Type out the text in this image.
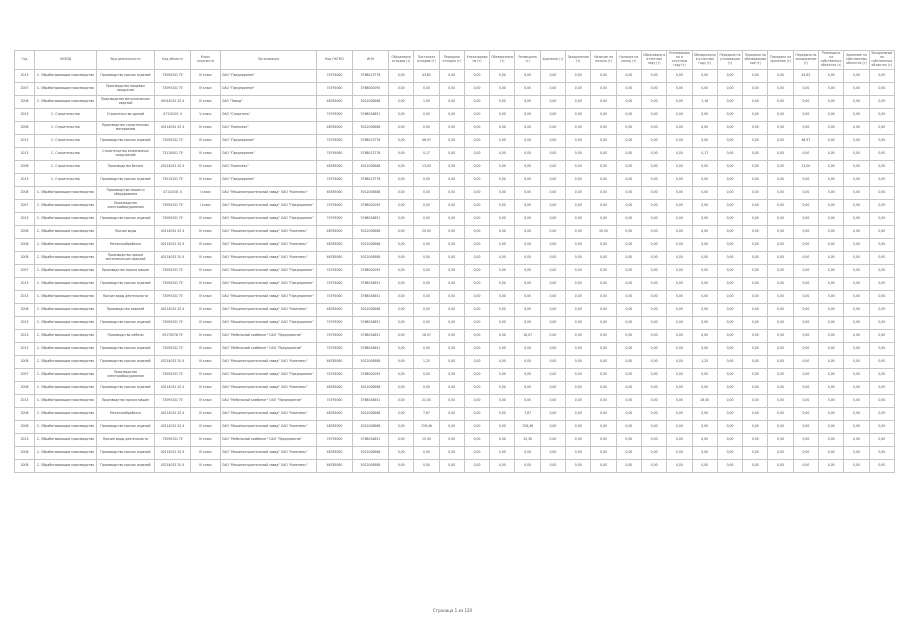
Год	ОКВЭД	Вид деятельности	Код объекта	Класс опасности	Организация	Код ОКТМО	ИНН	Образовано отходов (т)	Поступило отходов (т)	Передано отходов (т)	Утилизировано (т)	Обезврежено (т)	Размещено (т)	Хранение (т)	Захоронение (т)	Наличие на начало (т)	Наличие на конец (т)	Образовано в отчетном году (т)	Утилизировано в отчетном году (т)	Обезврежено в отчетном году (т)	Передано на утилизацию (т)	Передано на обезвреживание (т)	Передано на хранение (т)	Передано на захоронение (т)	Размещено на собственных объектах (т)	Хранение на собственных объектах (т)	Захоронение на собственных объектах (т)
2013	С. Обрабатывающие производства	Производство прочих изделий	73590331 ТУ	IV класс	ОАО "Предприятие"	74795000	5768013778	0,00	43,82	0,00	0,00	0,00	0,00	0,00	0,00	0,00	0,00	0,00	0,00	0,00	0,00	0,00	0,00	43,82	0,00	0,00	0,00
2007	С. Обрабатывающие производства	Производство пищевых продуктов	73590331 ТУ	IV класс	ОАО "Предприятие"	74795000	5768002095	0,00	0,00	0,00	0,00	0,00	0,00	0,00	0,00	0,00	0,00	0,00	0,00	0,00	0,00	0,00	0,00	0,00	0,00	0,00	0,00
2008	С. Обрабатывающие производства	Производство металлических изделий	49014031 20 4	IV класс	ОАО "Завод"	46785000	5012008588	0,00	1,00	0,00	0,00	0,00	0,00	0,00	0,00	0,00	0,00	0,00	0,00	1,16	0,00	0,00	0,00	0,00	0,00	0,00	0,00
2013	С. Строительство	Строительство зданий	47110321 4	V класс	ОАО "Строитель"	74795000	5768034851	0,00	0,00	0,00	0,00	0,00	0,00	0,00	0,00	0,00	0,00	0,00	0,00	0,00	0,00	0,00	0,00	0,00	0,00	0,00	0,00
2008	С. Строительство	Производство строительных материалов	40114031 20 4	IV класс	ОАО "Комплекс"	46785000	5012008588	0,00	0,00	0,00	0,00	0,00	0,00	0,00	0,00	0,00	0,00	0,00	0,00	0,00	0,00	0,00	0,00	0,00	0,00	0,00	0,00
2013	С. Строительство	Производство прочих изделий	73590331 ТУ	IV класс	ОАО "Предприятие"	74795000	5768013778	0,00	46,97	0,00	0,00	0,00	0,00	0,00	0,00	0,00	0,00	0,00	0,00	0,00	0,00	0,00	0,00	46,97	0,00	0,00	0,00
2013	С. Строительство	Строительство инженерных сооружений	73110001 ТУ	IV класс	ОАО "Предприятие"	74795000	5768013778	0,00	0,17	0,00	0,00	0,00	0,00	0,00	0,00	0,00	0,00	0,00	0,00	0,17	0,00	0,00	0,00	0,00	0,00	0,00	0,00
2008	С. Строительство	Производство бетона	43214031 20 4	IV класс	ОАО "Комплекс"	46785000	5012008588	0,00	13,00	0,00	0,00	0,00	0,00	0,00	0,00	0,00	0,00	0,00	0,00	0,00	0,00	0,00	0,00	13,00	0,00	0,00	0,00
2013	С. Строительство	Производство прочих изделий	73510331 ТУ	IV класс	ОАО "Предприятие"	74795000	5768013778	0,00	0,00	0,00	0,00	0,00	0,00	0,00	0,00	0,00	0,00	0,00	0,00	0,00	0,00	0,00	0,00	0,00	0,00	0,00	0,00
2008	С. Обрабатывающие производства	Производство машин и оборудования	47110331 4	I класс	ОАО "Машиностроительный завод" ОАО "Комплекс"	46785000	5012008588	0,00	0,00	0,00	0,00	0,00	0,00	0,00	0,00	0,00	0,00	0,00	0,00	0,00	0,00	0,00	0,00	0,00	0,00	0,00	0,00
2007	С. Обрабатывающие производства	Производство электрооборудования	73590331 ТУ	I класс	ОАО "Машиностроительный завод" ОАО "Предприятие"	74795000	5768002095	0,00	0,00	0,00	0,00	0,00	0,00	0,00	0,00	0,00	0,00	0,00	0,00	0,00	0,00	0,00	0,00	0,00	0,00	0,00	0,00
2013	С. Обрабатывающие производства	Производство прочих изделий	73590331 ТУ	IV класс	ОАО "Машиностроительный завод" ОАО "Предприятие"	74795000	5768034851	0,00	0,00	0,00	0,00	0,00	0,00	0,00	0,00	0,00	0,00	0,00	0,00	0,00	0,00	0,00	0,00	0,00	0,00	0,00	0,00
2008	С. Обрабатывающие производства	Прочие виды	40114031 20 4	IV класс	ОАО "Машиностроительный завод" ОАО "Комплекс"	46785000	5012008588	0,00	20,00	0,00	0,00	0,00	0,00	0,00	0,00	20,00	0,00	0,00	0,00	0,00	0,00	0,00	0,00	0,00	0,00	0,00	0,00
2008	С. Обрабатывающие производства	Металлообработка	40114031 20 4	IV класс	ОАО "Машиностроительный завод" ОАО "Комплекс"	46785000	5012008588	0,00	0,00	0,00	0,00	0,00	0,00	0,00	0,00	0,00	0,00	0,00	0,00	0,00	0,00	0,00	0,00	0,00	0,00	0,00	0,00
2008	С. Обрабатывающие производства	Производство прочих металлических изделий	40114031 20 4	IV класс	ОАО "Машиностроительный завод" ОАО "Комплекс"	46785000	5012008588	0,00	0,00	0,00	0,00	0,00	0,00	0,00	0,00	0,00	0,00	0,00	0,00	0,00	0,00	0,00	0,00	0,00	0,00	0,00	0,00
2007	С. Обрабатывающие производства	Производство прочих машин	73590331 ТУ	IV класс	ОАО "Машиностроительный завод" ОАО "Предприятие"	74795000	5768002095	0,00	0,00	0,00	0,00	0,00	0,00	0,00	0,00	0,00	0,00	0,00	0,00	0,00	0,00	0,00	0,00	0,00	0,00	0,00	0,00
2013	С. Обрабатывающие производства	Производство прочих изделий	73590331 ТУ	IV класс	ОАО "Машиностроительный завод" ОАО "Предприятие"	74795000	5768034851	0,00	0,00	0,00	0,00	0,00	0,00	0,00	0,00	0,00	0,00	0,00	0,00	0,00	0,00	0,00	0,00	0,00	0,00	0,00	0,00
2013	С. Обрабатывающие производства	Прочие виды деятельности	73590331 ТУ	IV класс	ОАО "Машиностроительный завод" ОАО "Предприятие"	74795000	5768034851	0,00	0,00	0,00	0,00	0,00	0,00	0,00	0,00	0,00	0,00	0,00	0,00	0,00	0,00	0,00	0,00	0,00	0,00	0,00	0,00
2008	С. Обрабатывающие производства	Производство изделий	40114031 20 4	IV класс	ОАО "Машиностроительный завод" ОАО "Комплекс"	46785000	5012008588	0,00	0,00	0,00	0,00	0,00	0,00	0,00	0,00	0,00	0,00	0,00	0,00	0,00	0,00	0,00	0,00	0,00	0,00	0,00	0,00
2013	С. Обрабатывающие производства	Производство прочих изделий	73590331 ТУ	IV класс	ОАО "Машиностроительный завод" ОАО "Предприятие"	74795000	5768034851	0,00	0,00	0,00	0,00	0,00	0,00	0,00	0,00	0,00	0,00	0,00	0,00	0,00	0,00	0,00	0,00	0,00	0,00	0,00	0,00
2013	С. Обрабатывающие производства	Производство мебели	09170078 ТУ	IV класс	ОАО "Мебельный комбинат" ОАО "Предприятие"	74795000	5768034851	0,00	16,07	0,00	0,00	0,00	16,07	0,00	0,00	0,00	0,00	0,00	0,00	0,00	0,00	0,00	0,00	0,00	0,00	0,00	0,00
2013	С. Обрабатывающие производства	Производство прочих изделий	73590331 ТУ	IV класс	ОАО "Мебельный комбинат" ОАО "Предприятие"	74795000	5768034851	0,00	0,00	0,00	0,00	0,00	0,00	0,00	0,00	0,00	0,00	0,00	0,00	0,00	0,00	0,00	0,00	0,00	0,00	0,00	0,00
2008	С. Обрабатывающие производства	Производство прочих изделий	43214031 20 4	III класс	ОАО "Машиностроительный завод" ОАО "Комплекс"	46785000	5012008588	0,00	1,25	0,00	0,00	0,00	0,00	0,00	0,00	0,00	0,00	0,00	0,00	1,25	0,00	0,00	0,00	0,00	0,00	0,00	0,00
2007	С. Обрабатывающие производства	Производство электрооборудования	73590331 ТУ	IV класс	ОАО "Машиностроительный завод" ОАО "Предприятие"	74795000	5768002095	0,00	0,00	0,00	0,00	0,00	0,00	0,00	0,00	0,00	0,00	0,00	0,00	0,00	0,00	0,00	0,00	0,00	0,00	0,00	0,00
2008	С. Обрабатывающие производства	Производство прочих изделий	40114031 20 4	IV класс	ОАО "Машиностроительный завод" ОАО "Комплекс"	46785000	5012008588	0,00	0,00	0,00	0,00	0,00	0,00	0,00	0,00	0,00	0,00	0,00	0,00	0,00	0,00	0,00	0,00	0,00	0,00	0,00	0,00
2013	С. Обрабатывающие производства	Производство прочих машин	73590331 ТУ	IV класс	ОАО "Мебельный комбинат" ОАО "Предприятие"	74795000	5768034851	0,00	21,00	0,00	0,00	0,00	0,00	0,00	0,00	0,00	0,00	0,00	0,00	26,00	0,00	0,00	0,00	0,00	0,00	0,00	0,00
2008	С. Обрабатывающие производства	Металлообработка	40114031 20 4	IV класс	ОАО "Машиностроительный завод" ОАО "Комплекс"	46785000	5012008588	0,00	7,67	0,00	0,00	0,00	7,67	0,00	0,00	0,00	0,00	0,00	0,00	0,00	0,00	0,00	0,00	0,00	0,00	0,00	0,00
2008	С. Обрабатывающие производства	Производство прочих изделий	40114031 20 4	IV класс	ОАО "Машиностроительный завод" ОАО "Комплекс"	46785000	5012008588	0,00	728,46	0,00	0,00	0,00	728,46	0,00	0,00	0,00	0,00	0,00	0,00	0,00	0,00	0,00	0,00	0,00	0,00	0,00	0,00
2013	С. Обрабатывающие производства	Прочие виды деятельности	73590331 ТУ	IV класс	ОАО "Мебельный комбинат" ОАО "Предприятие"	74795000	5768034851	0,00	15,30	0,00	0,00	0,00	15,30	0,00	0,00	0,00	0,00	0,00	0,00	0,00	0,00	0,00	0,00	0,00	0,00	0,00	0,00
2008	С. Обрабатывающие производства	Производство прочих изделий	40114031 20 4	IV класс	ОАО "Машиностроительный завод" ОАО "Комплекс"	46785000	5012008588	0,00	0,00	0,00	0,00	0,00	0,00	0,00	0,00	0,00	0,00	0,00	0,00	0,00	0,00	0,00	0,00	0,00	0,00	0,00	0,00
2008	С. Обрабатывающие производства	Производство прочих изделий	43214031 20 4	IV класс	ОАО "Машиностроительный завод" ОАО "Комплекс"	46785000	5012008588	0,00	0,00	0,00	0,00	0,00	0,00	0,00	0,00	0,00	0,00	0,00	0,00	0,00	0,00	0,00	0,00	0,00	0,00	0,00	0,00
Страница 1 из 120
